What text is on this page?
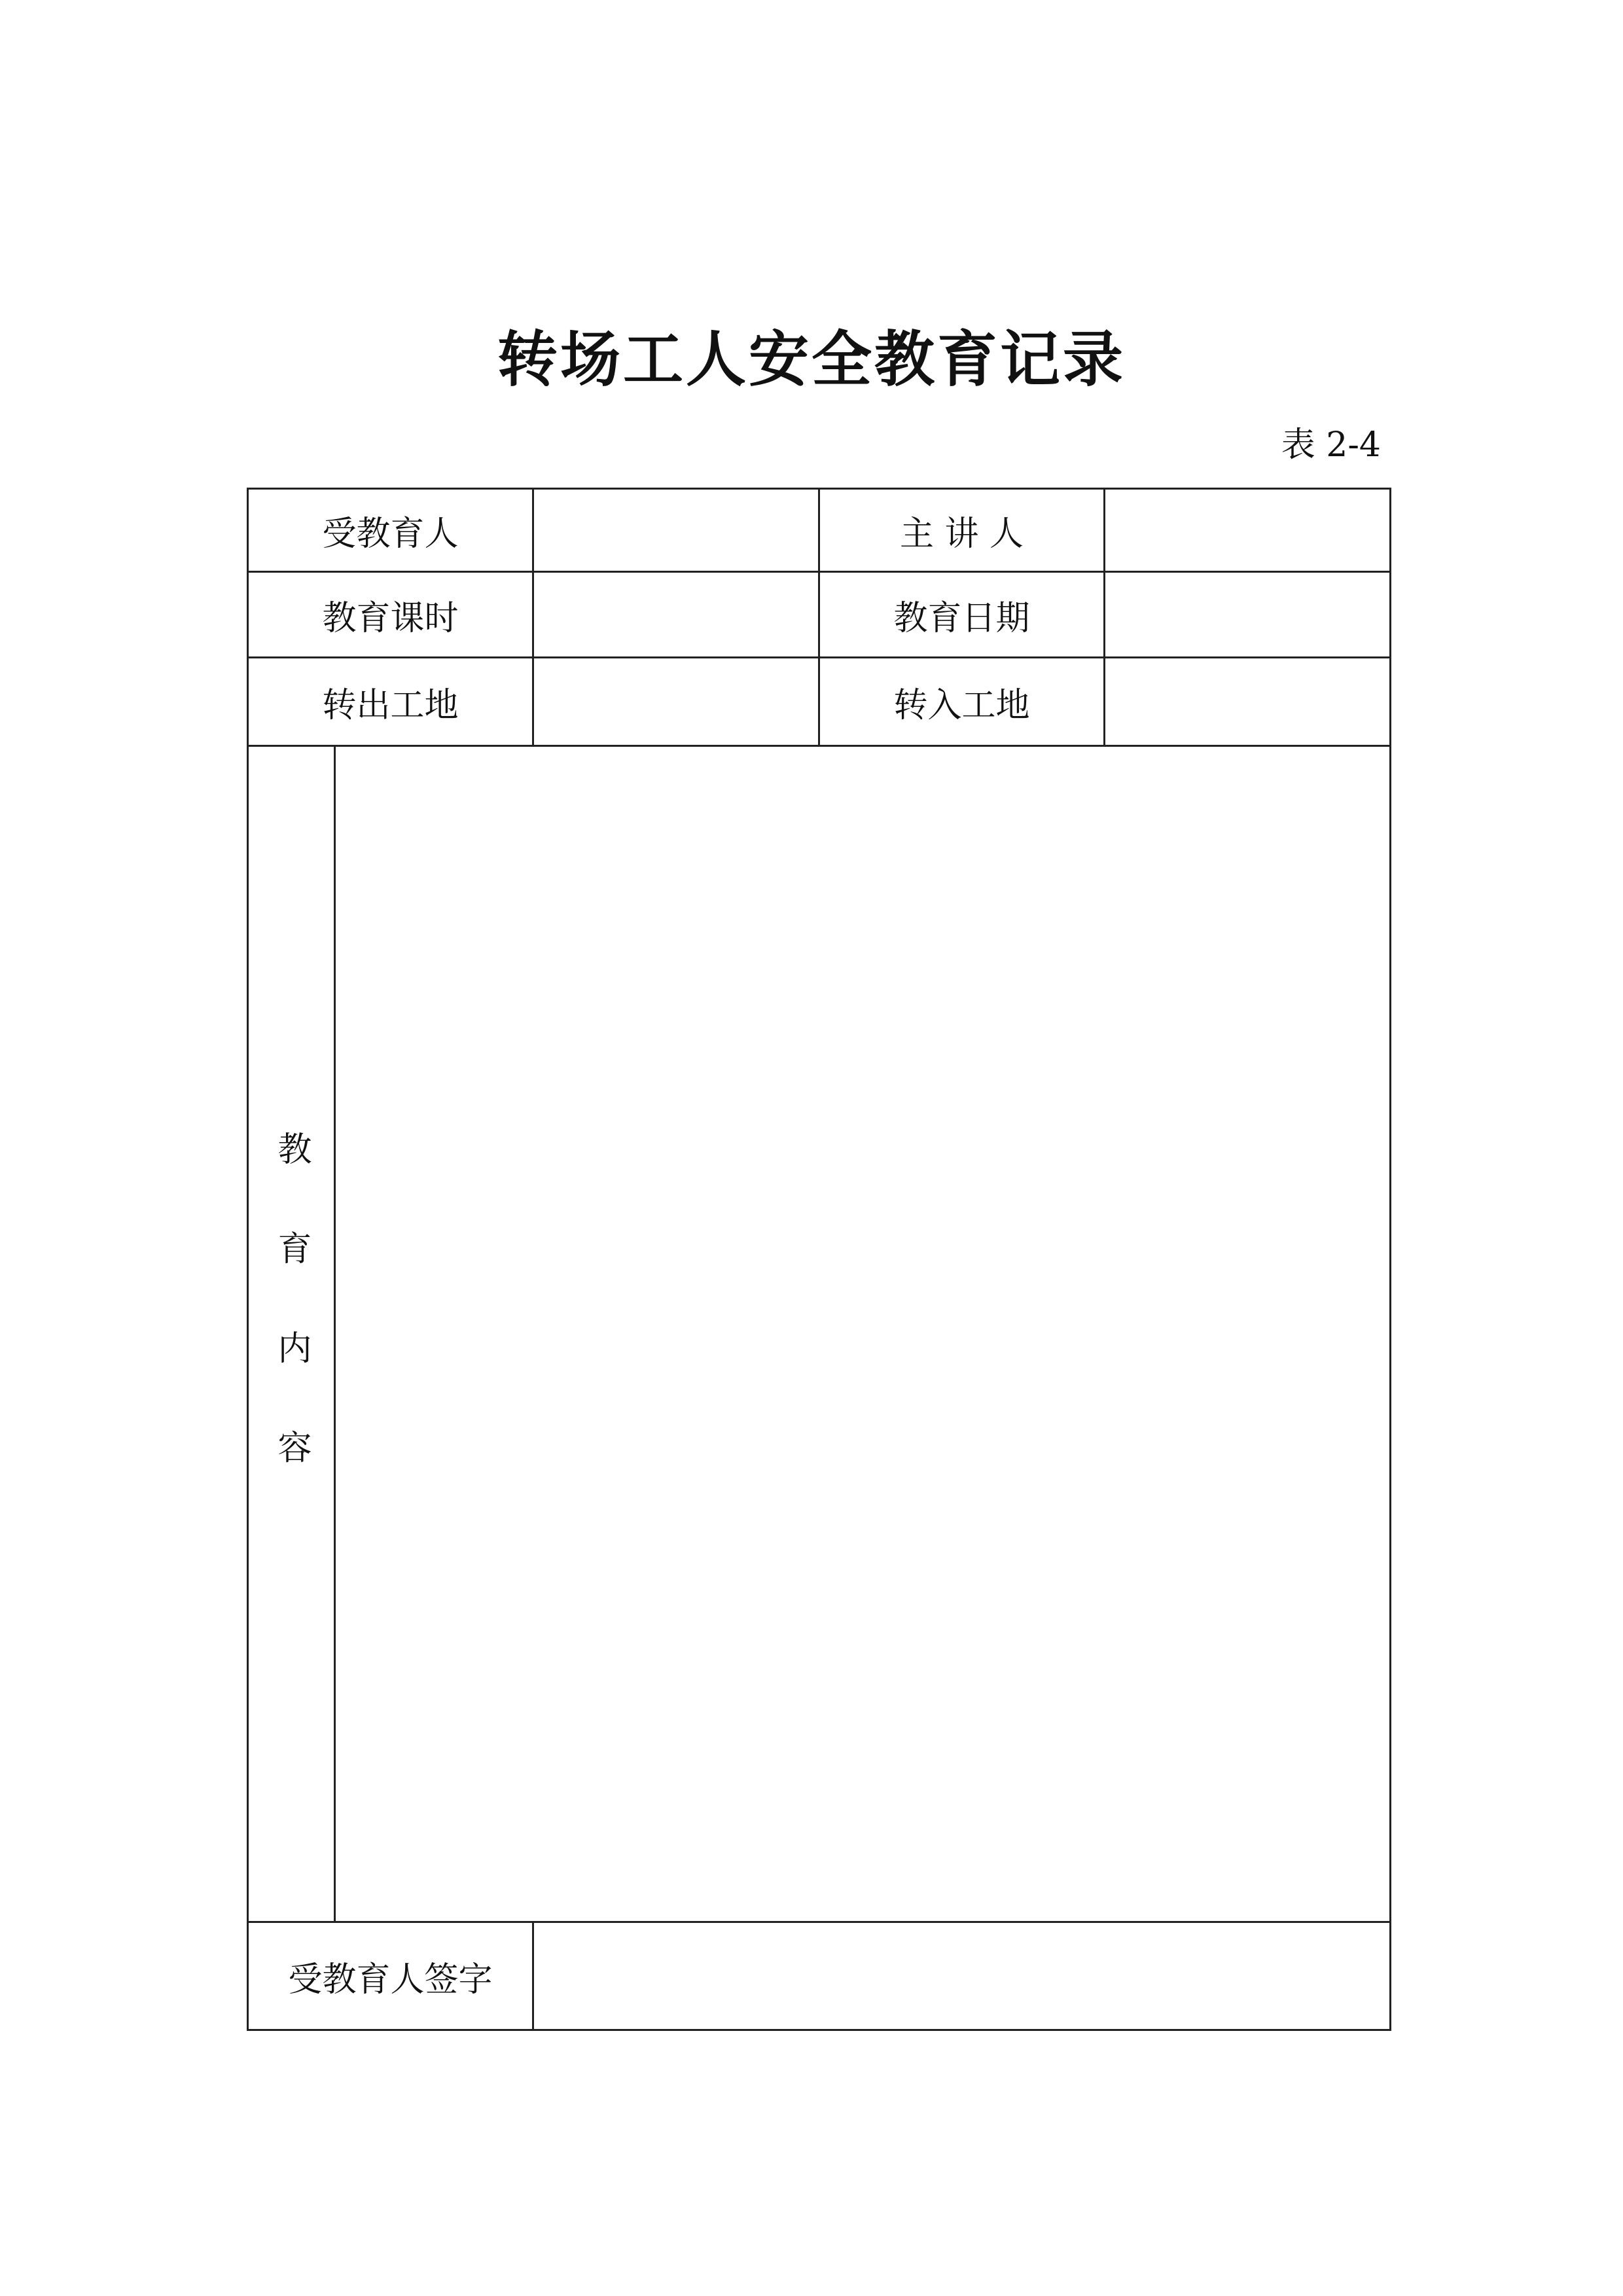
转场工人安全教育记录
表 2-4
受教育人			主 讲 人	
教育课时			教育日期	
转出工地			转入工地	
教育内容				
受教育人签字				
